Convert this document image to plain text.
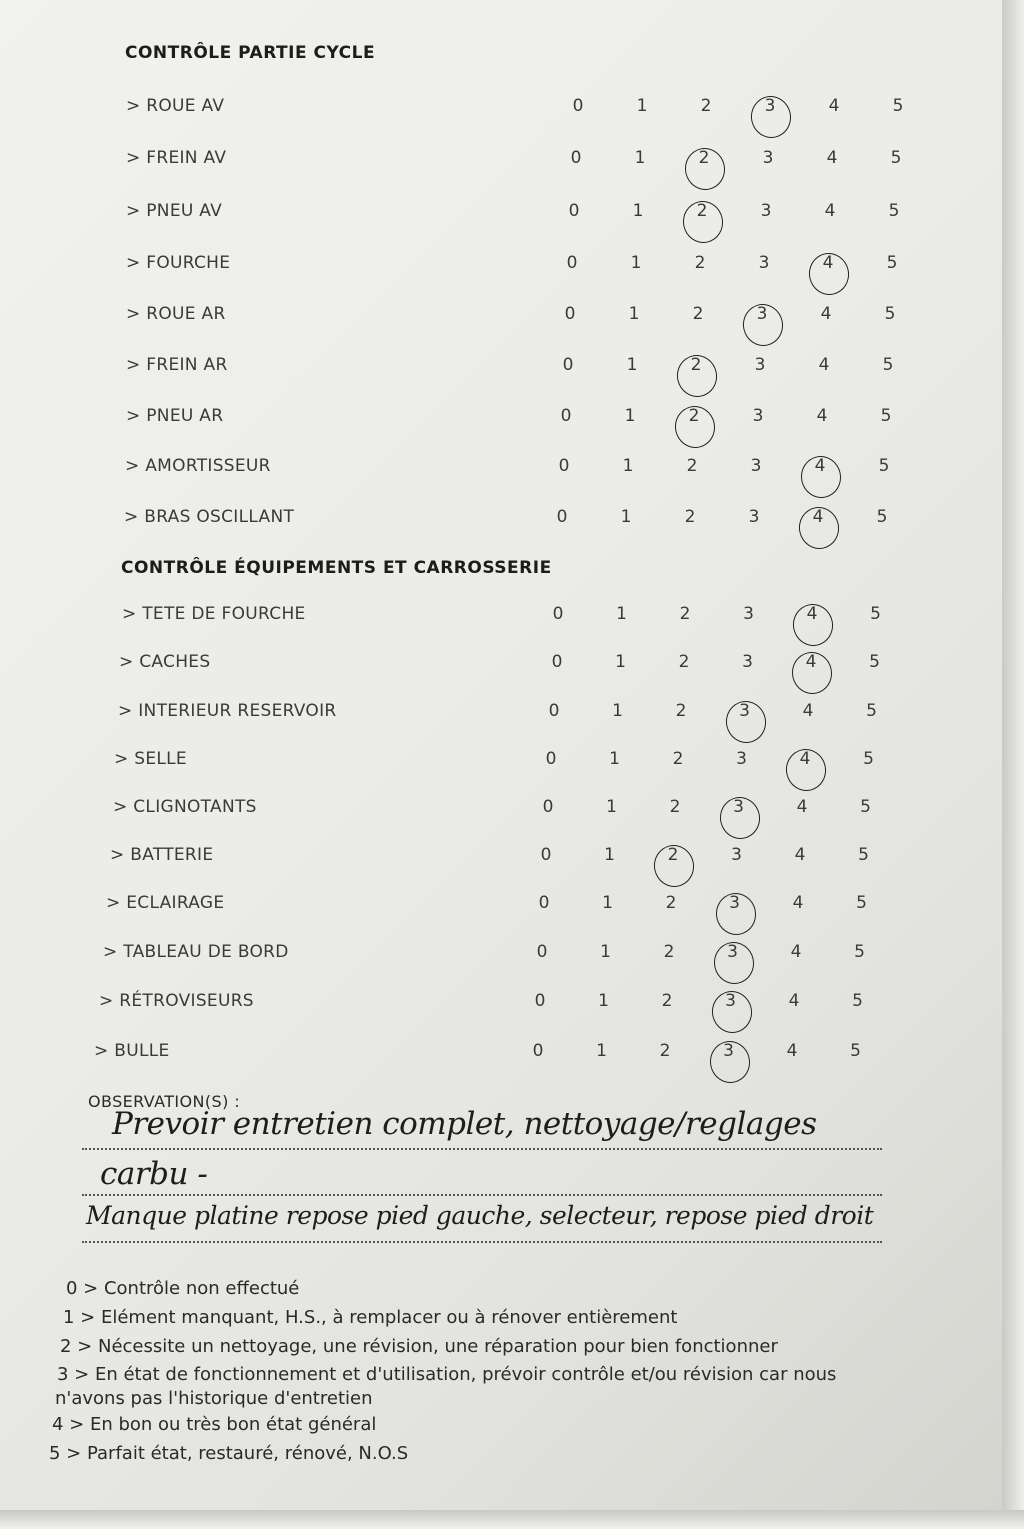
CONTRÔLE PARTIE CYCLE
> ROUE AV	0	1	2	3	4	5
> FREIN AV	0	1	2	3	4	5
> PNEU AV	0	1	2	3	4	5
> FOURCHE	0	1	2	3	4	5
> ROUE AR	0	1	2	3	4	5
> FREIN AR	0	1	2	3	4	5
> PNEU AR	0	1	2	3	4	5
> AMORTISSEUR	0	1	2	3	4	5
> BRAS OSCILLANT	0	1	2	3	4	5
CONTRÔLE ÉQUIPEMENTS ET CARROSSERIE
> TETE DE FOURCHE	0	1	2	3	4	5
> CACHES	0	1	2	3	4	5
> INTERIEUR RESERVOIR	0	1	2	3	4	5
> SELLE	0	1	2	3	4	5
> CLIGNOTANTS	0	1	2	3	4	5
> BATTERIE	0	1	2	3	4	5
> ECLAIRAGE	0	1	2	3	4	5
> TABLEAU DE BORD	0	1	2	3	4	5
> RÉTROVISEURS	0	1	2	3	4	5
> BULLE	0	1	2	3	4	5
OBSERVATION(S) :
Prevoir entretien complet, nettoyage/reglages
carbu -
Manque platine repose pied gauche, selecteur, repose pied droit
0 > Contrôle non effectué
1 > Elément manquant, H.S., à remplacer ou à rénover entièrement
2 > Nécessite un nettoyage, une révision, une réparation pour bien fonctionner
3 > En état de fonctionnement et d'utilisation, prévoir contrôle et/ou révision car nous
n'avons pas l'historique d'entretien
4 > En bon ou très bon état général
5 > Parfait état, restauré, rénové, N.O.S
